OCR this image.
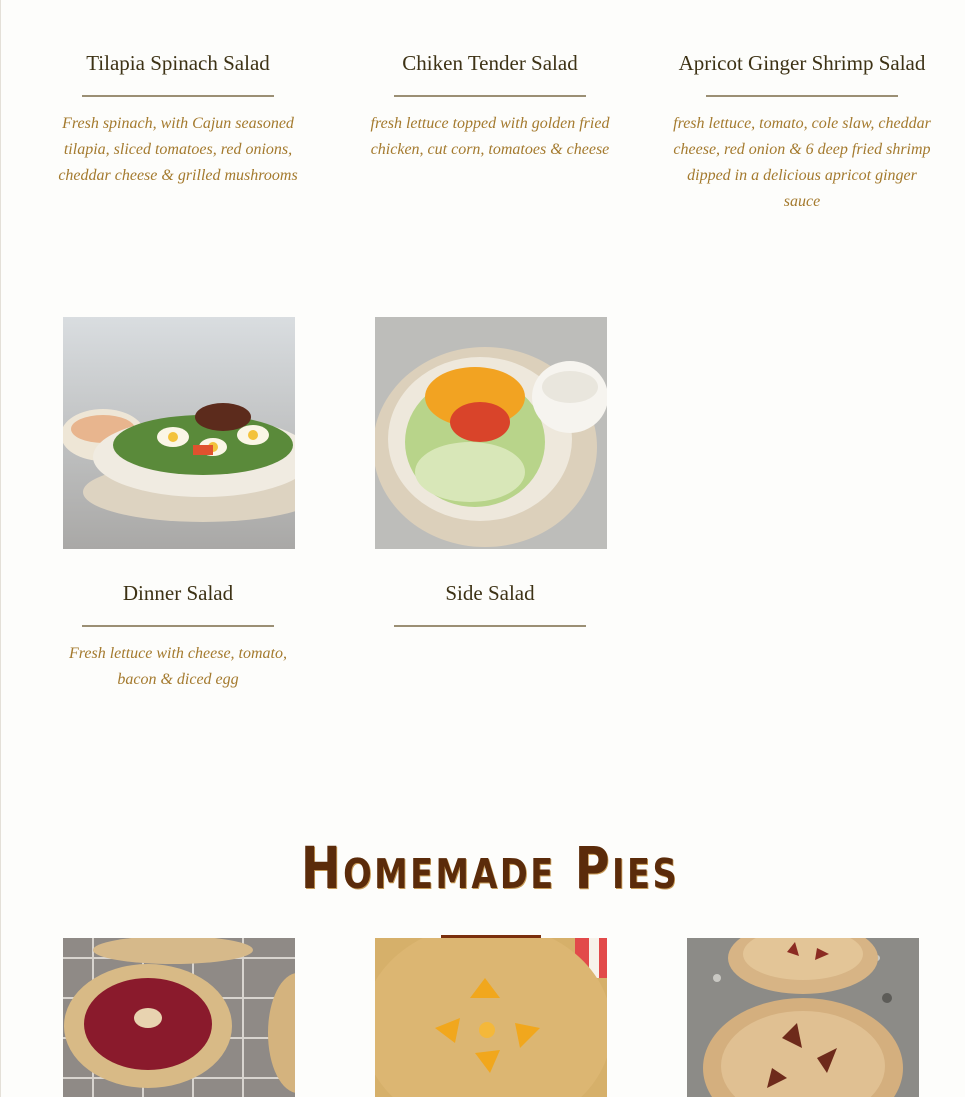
Tilapia Spinach Salad

Fresh spinach, with Cajun seasoned tilapia, sliced tomatoes, red onions, cheddar cheese & grilled mushrooms

Chiken Tender Salad

fresh lettuce topped with golden fried chicken, cut corn, tomatoes & cheese

Apricot Ginger Shrimp Salad

fresh lettuce, tomato, cole slaw, cheddar cheese, red onion & 6 deep fried shrimp dipped in a delicious apricot ginger sauce

Dinner Salad

Fresh lettuce with cheese, tomato, bacon & diced egg

Side Salad

Homemade Pies
